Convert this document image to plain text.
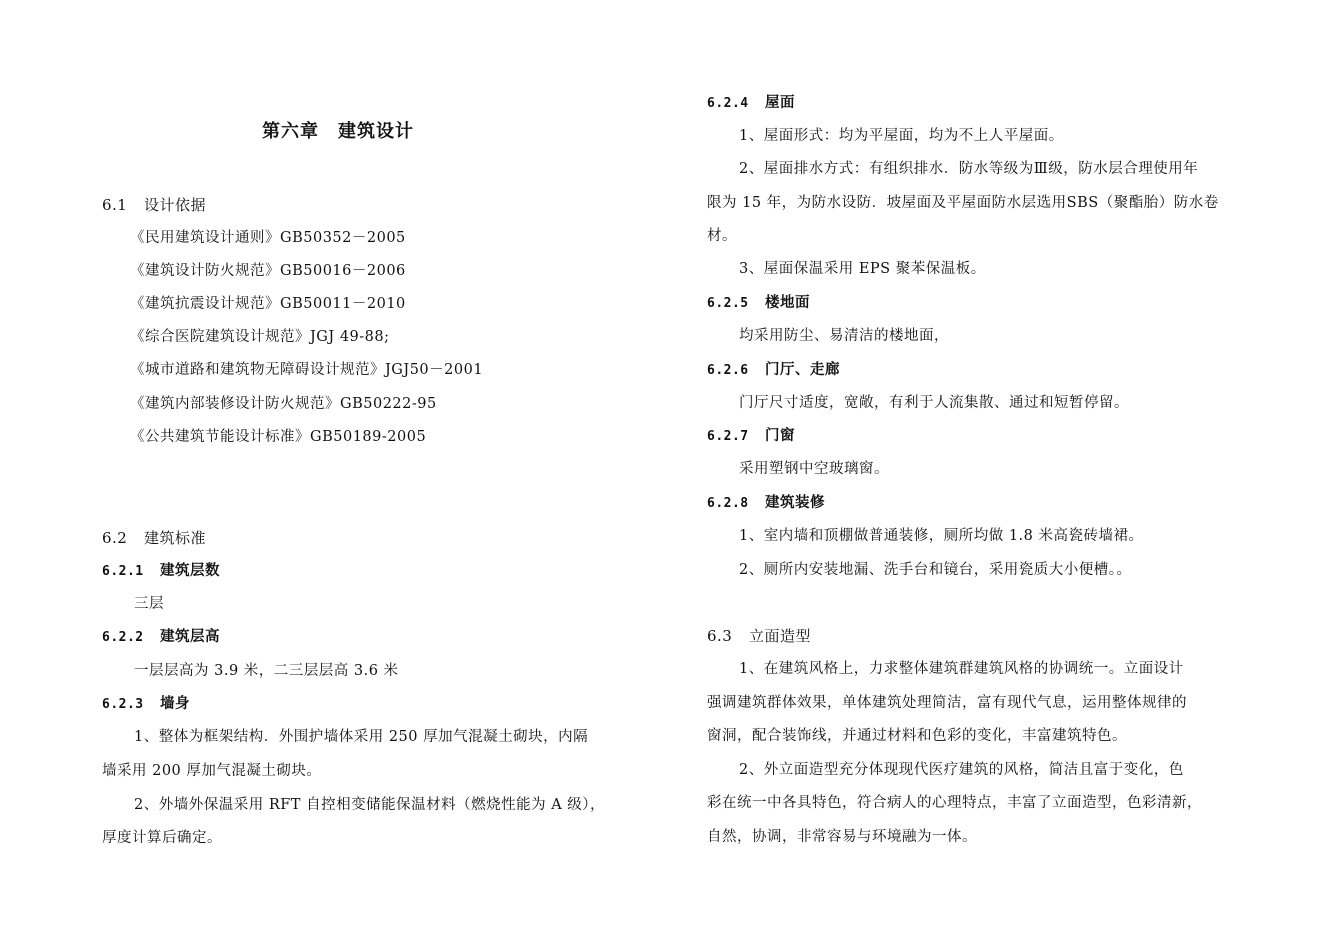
第六章　建筑设计
6.1 设计依据
《民用建筑设计通则》GB50352－2005
《建筑设计防火规范》GB50016－2006
《建筑抗震设计规范》GB50011－2010
《综合医院建筑设计规范》JGJ 49-88;
《城市道路和建筑物无障碍设计规范》JGJ50－2001
《建筑内部装修设计防火规范》GB50222-95
《公共建筑节能设计标准》GB50189-2005
6.2 建筑标准
6.2.1 建筑层数
三层
6.2.2 建筑层高
一层层高为 3.9 米，二三层层高 3.6 米
6.2.3 墙身
1、整体为框架结构．外围护墙体采用 250 厚加气混凝土砌块，内隔
墙采用 200 厚加气混凝土砌块。
2、外墙外保温采用 RFT 自控相变储能保温材料（燃烧性能为 A 级），
厚度计算后确定。
6.2.4 屋面
1、屋面形式：均为平屋面，均为不上人平屋面。
2、屋面排水方式：有组织排水．防水等级为Ⅲ级，防水层合理使用年
限为 15 年，为防水设防．坡屋面及平屋面防水层选用SBS（聚酯胎）防水卷
材。
3、屋面保温采用 EPS 聚苯保温板。
6.2.5 楼地面
均采用防尘、易清洁的楼地面，
6.2.6 门厅、走廊
门厅尺寸适度，宽敞，有利于人流集散、通过和短暂停留。
6.2.7 门窗
采用塑钢中空玻璃窗。
6.2.8 建筑装修
1、室内墙和顶棚做普通装修，厕所均做 1.8 米高瓷砖墙裙。
2、厕所内安装地漏、洗手台和镜台，采用瓷质大小便槽。。
6.3 立面造型
1、在建筑风格上，力求整体建筑群建筑风格的协调统一。立面设计
强调建筑群体效果，单体建筑处理简洁，富有现代气息，运用整体规律的
窗洞，配合装饰线，并通过材料和色彩的变化，丰富建筑特色。
2、外立面造型充分体现现代医疗建筑的风格，简洁且富于变化，色
彩在统一中各具特色，符合病人的心理特点，丰富了立面造型，色彩清新，
自然，协调，非常容易与环境融为一体。
